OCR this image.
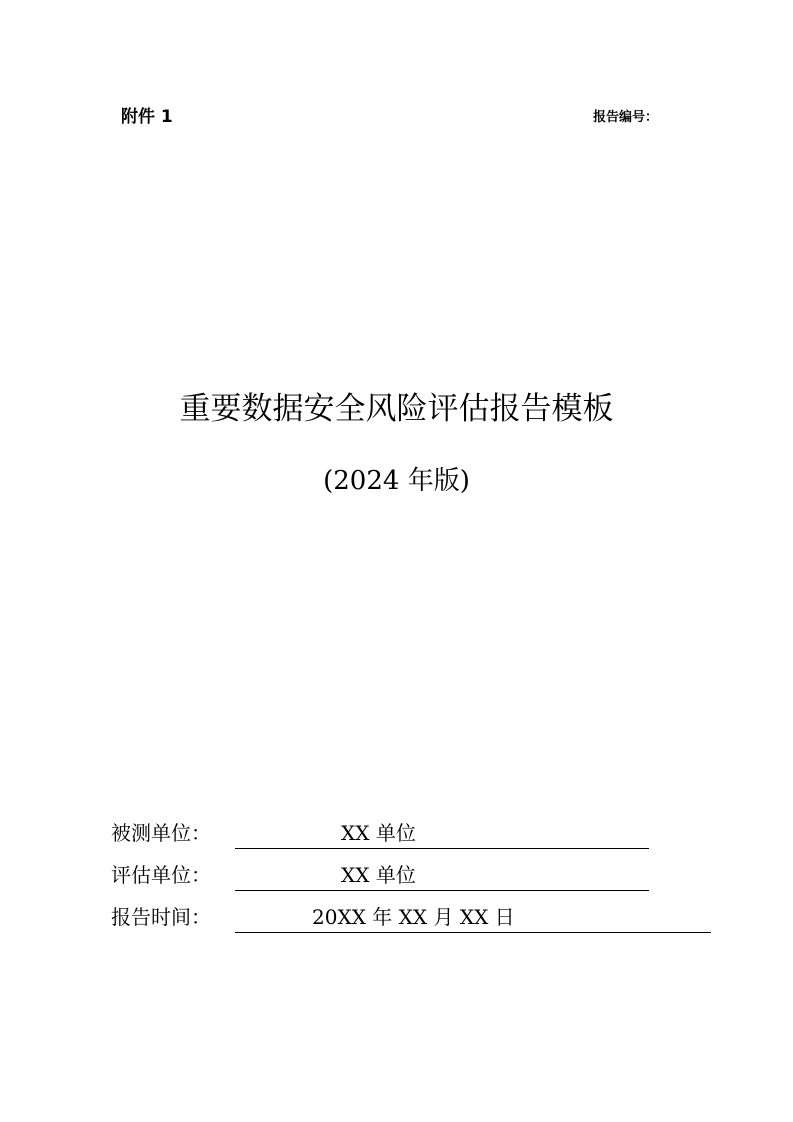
附件 1	报告编号：
重要数据安全风险评估报告模板
(2024 年版)
被测单位：	XX 单位
评估单位：	XX 单位
报告时间：	20XX 年 XX 月 XX 日
